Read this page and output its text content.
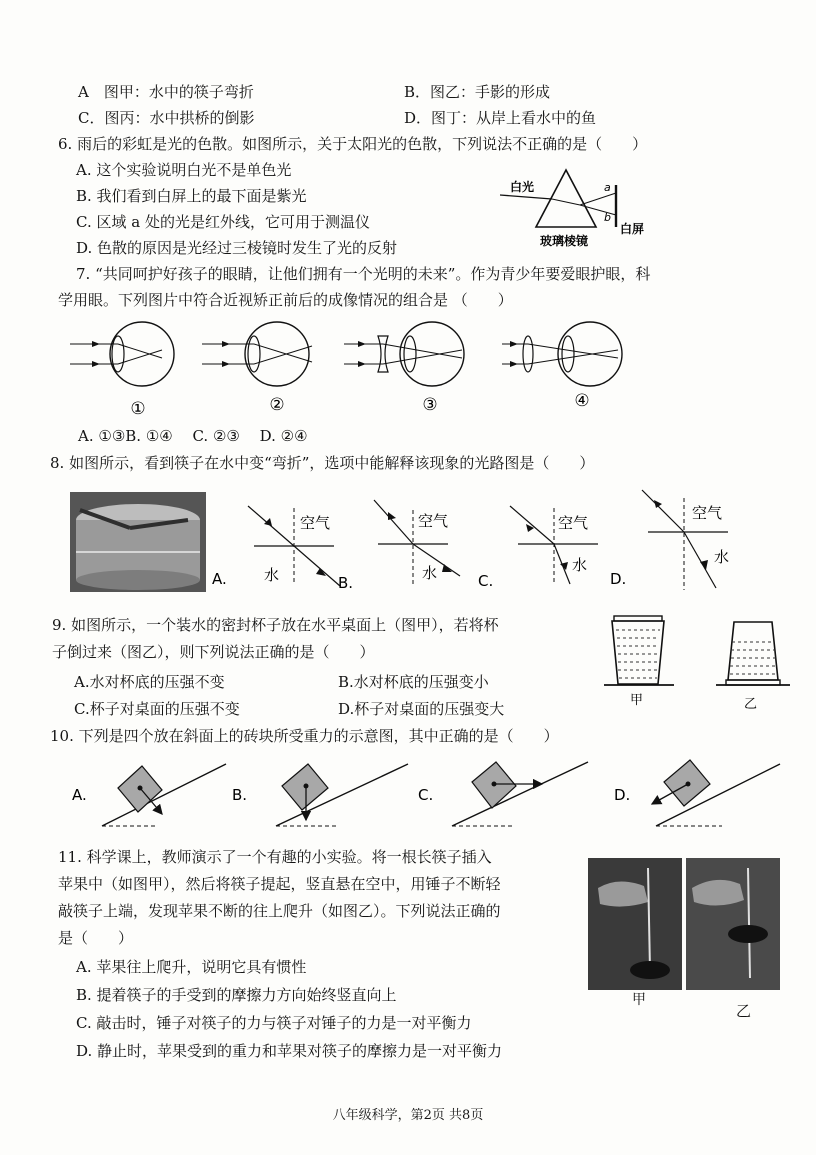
A　图甲：水中的筷子弯折	B．图乙：手影的形成
C．图丙：水中拱桥的倒影	D．图丁：从岸上看水中的鱼
6. 雨后的彩虹是光的色散。如图所示，关于太阳光的色散，下列说法不正确的是（　　）
A. 这个实验说明白光不是单色光
B. 我们看到白屏上的最下面是紫光
C. 区域 a 处的光是红外线，它可用于测温仪
D. 色散的原因是光经过三棱镜时发生了光的反射
白光
玻璃棱镜
白屏
a
b
7. “共同呵护好孩子的眼睛，让他们拥有一个光明的未来”。作为青少年要爱眼护眼，科
学用眼。下列图片中符合近视矫正前后的成像情况的组合是 （　　）
①	②	③	④
A. ①③B. ①④　 C. ②③　 D. ②④
8. 如图所示，看到筷子在水中变“弯折”，选项中能解释该现象的光路图是（　　）
空气
水
空气
水
空气
水
空气
水
A.	B.	C.	D.
9. 如图所示，一个装水的密封杯子放在水平桌面上（图甲），若将杯
子倒过来（图乙），则下列说法正确的是（　　）
A.水对杯底的压强不变	B.水对杯底的压强变小
C.杯子对桌面的压强不变	D.杯子对桌面的压强变大	甲	乙
10. 下列是四个放在斜面上的砖块所受重力的示意图，其中正确的是（　　）
A.	B.	C.	D.
11. 科学课上，教师演示了一个有趣的小实验。将一根长筷子插入
苹果中（如图甲），然后将筷子提起，竖直悬在空中，用锤子不断轻
敲筷子上端，发现苹果不断的往上爬升（如图乙）。下列说法正确的
是（　　）
A. 苹果往上爬升，说明它具有惯性
B. 提着筷子的手受到的摩擦力方向始终竖直向上
C. 敲击时，锤子对筷子的力与筷子对锤子的力是一对平衡力
D. 静止时，苹果受到的重力和苹果对筷子的摩擦力是一对平衡力
甲
乙
八年级科学，第2页 共8页
